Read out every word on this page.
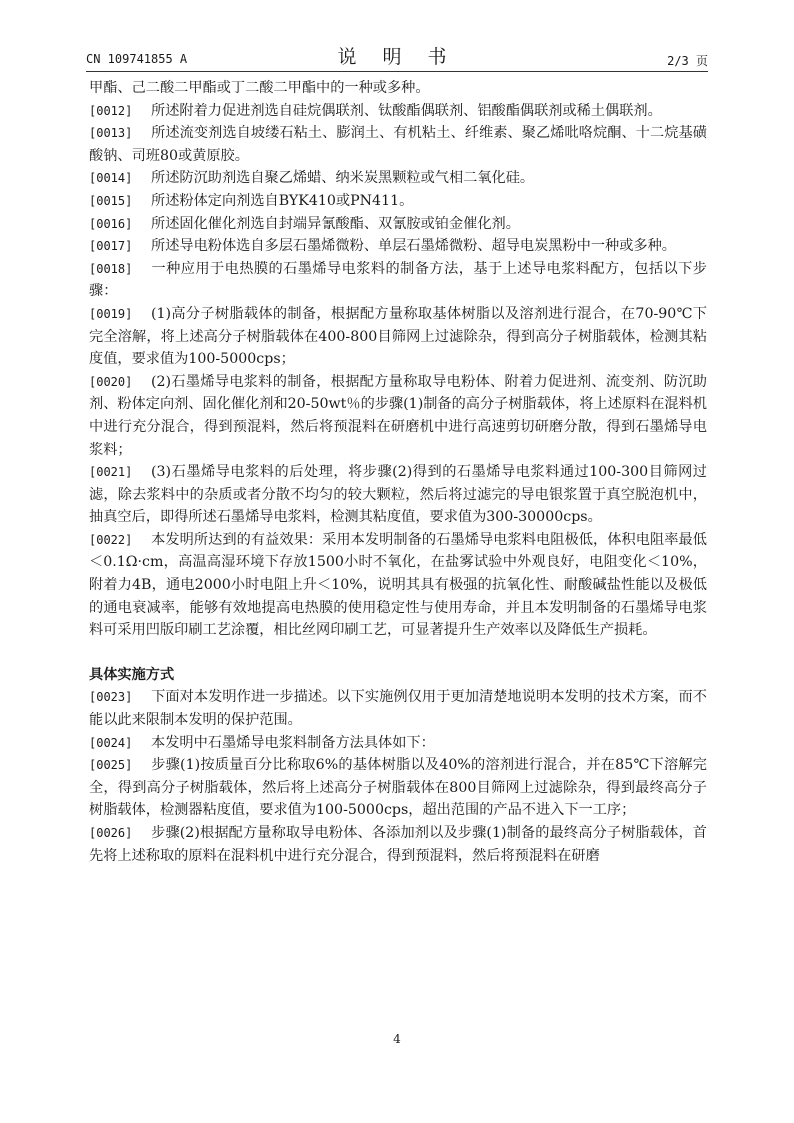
CN 109741855 A	说 明 书	2/3 页

甲酯、己二酸二甲酯或丁二酸二甲酯中的一种或多种。

[0012] 所述附着力促进剂选自硅烷偶联剂、钛酸酯偶联剂、铝酸酯偶联剂或稀土偶联剂。

[0013] 所述流变剂选自坡缕石粘土、膨润土、有机粘土、纤维素、聚乙烯吡咯烷酮、十二烷基磺酸钠、司班80或黄原胶。

[0014] 所述防沉助剂选自聚乙烯蜡、纳米炭黑颗粒或气相二氧化硅。

[0015] 所述粉体定向剂选自BYK410或PN411。

[0016] 所述固化催化剂选自封端异氰酸酯、双氰胺或铂金催化剂。

[0017] 所述导电粉体选自多层石墨烯微粉、单层石墨烯微粉、超导电炭黑粉中一种或多种。

[0018] 一种应用于电热膜的石墨烯导电浆料的制备方法，基于上述导电浆料配方，包括以下步骤：

[0019] (1)高分子树脂载体的制备，根据配方量称取基体树脂以及溶剂进行混合，在70-90℃下完全溶解，将上述高分子树脂载体在400-800目筛网上过滤除杂，得到高分子树脂载体，检测其粘度值，要求值为100-5000cps；

[0020] (2)石墨烯导电浆料的制备，根据配方量称取导电粉体、附着力促进剂、流变剂、防沉助剂、粉体定向剂、固化催化剂和20-50wt％的步骤(1)制备的高分子树脂载体，将上述原料在混料机中进行充分混合，得到预混料，然后将预混料在研磨机中进行高速剪切研磨分散，得到石墨烯导电浆料；

[0021] (3)石墨烯导电浆料的后处理，将步骤(2)得到的石墨烯导电浆料通过100-300目筛网过滤，除去浆料中的杂质或者分散不均匀的较大颗粒，然后将过滤完的导电银浆置于真空脱泡机中，抽真空后，即得所述石墨烯导电浆料，检测其粘度值，要求值为300-30000cps。

[0022] 本发明所达到的有益效果：采用本发明制备的石墨烯导电浆料电阻极低，体积电阻率最低＜0.1Ω·cm，高温高湿环境下存放1500小时不氧化，在盐雾试验中外观良好，电阻变化＜10%，附着力4B，通电2000小时电阻上升＜10%，说明其具有极强的抗氧化性、耐酸碱盐性能以及极低的通电衰减率，能够有效地提高电热膜的使用稳定性与使用寿命，并且本发明制备的石墨烯导电浆料可采用凹版印刷工艺涂覆，相比丝网印刷工艺，可显著提升生产效率以及降低生产损耗。

具体实施方式

[0023] 下面对本发明作进一步描述。以下实施例仅用于更加清楚地说明本发明的技术方案，而不能以此来限制本发明的保护范围。

[0024] 本发明中石墨烯导电浆料制备方法具体如下：

[0025] 步骤(1)按质量百分比称取6%的基体树脂以及40%的溶剂进行混合，并在85℃下溶解完全，得到高分子树脂载体，然后将上述高分子树脂载体在800目筛网上过滤除杂，得到最终高分子树脂载体，检测器粘度值，要求值为100-5000cps，超出范围的产品不进入下一工序；

[0026] 步骤(2)根据配方量称取导电粉体、各添加剂以及步骤(1)制备的最终高分子树脂载体，首先将上述称取的原料在混料机中进行充分混合，得到预混料，然后将预混料在研磨

4
